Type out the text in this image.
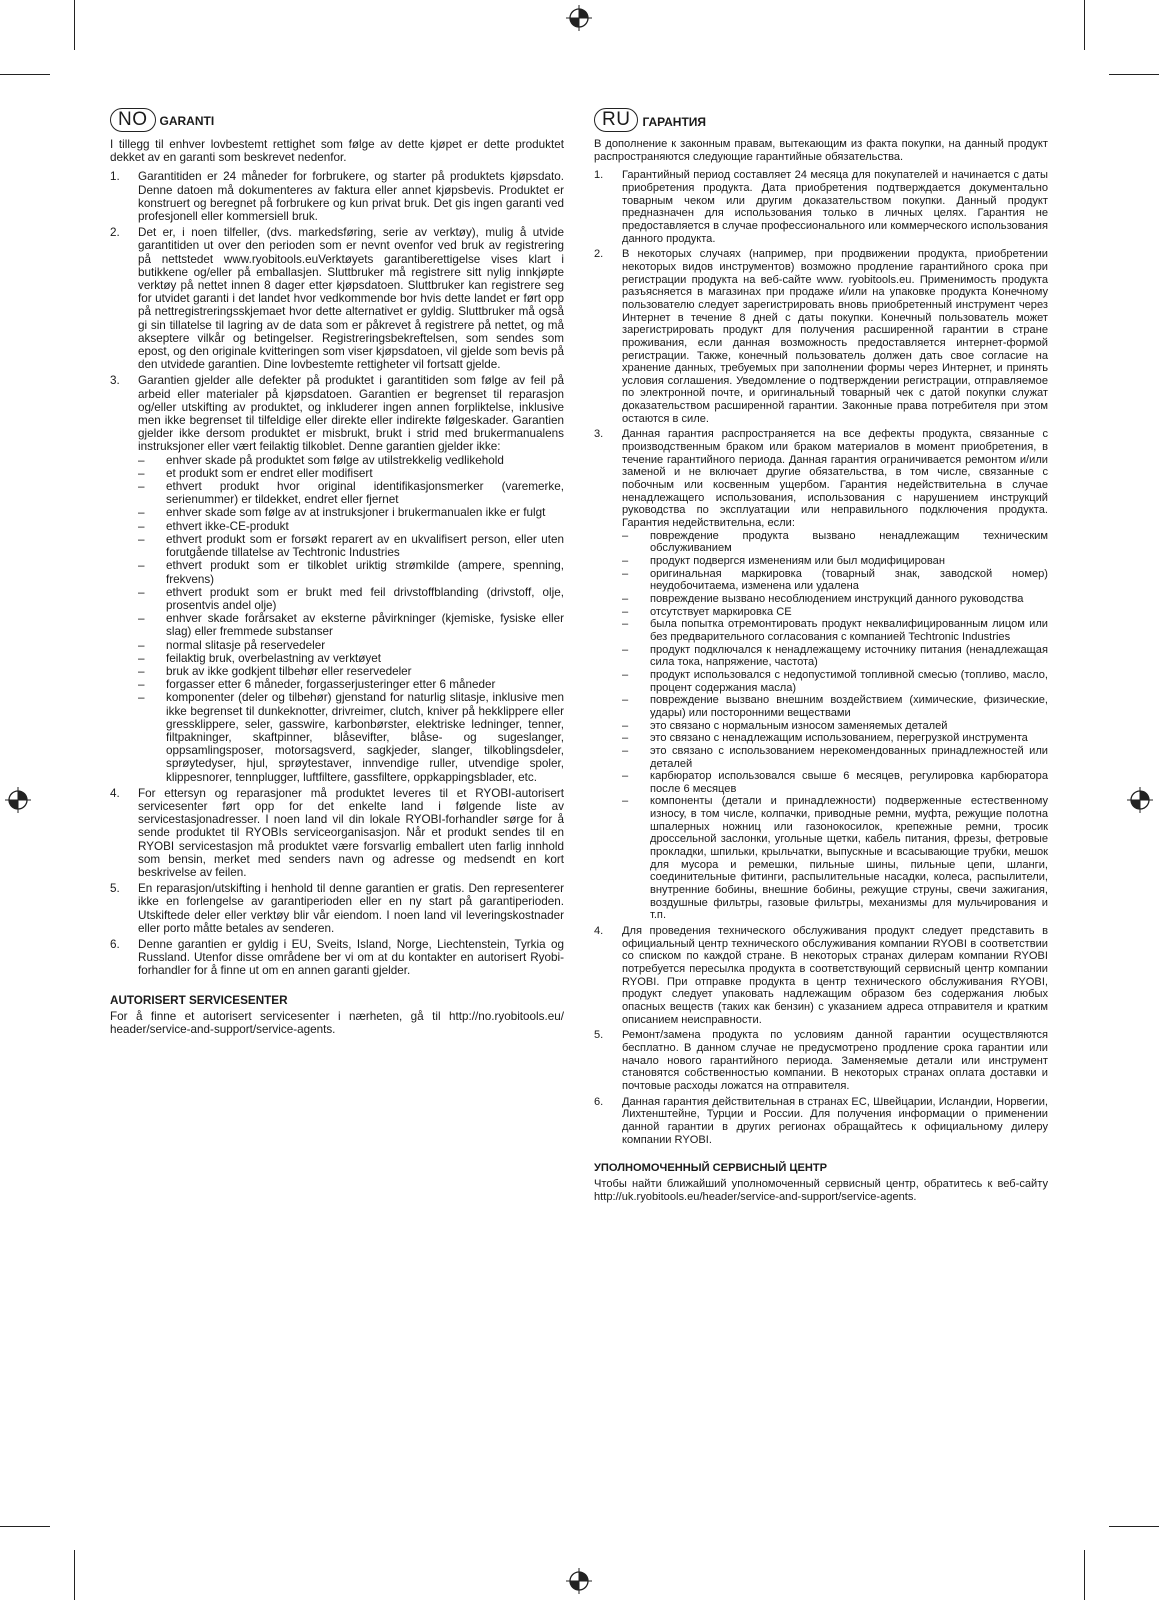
NO	GARANTI

I tillegg til enhver lovbestemt rettighet som følge av dette kjøpet er dette produktet dekket av en garanti som beskrevet nedenfor.

1. Garantitiden er 24 måneder for forbrukere, og starter på produktets kjøpsdato. Denne datoen må dokumenteres av faktura eller annet kjøpsbevis. Produktet er konstruert og beregnet på forbrukere og kun privat bruk. Det gis ingen garanti ved profesjonell eller kommersiell bruk.
2. Det er, i noen tilfeller, (dvs. markedsføring, serie av verktøy), mulig å utvide garantitiden ut over den perioden som er nevnt ovenfor ved bruk av registrering på nettstedet www.ryobitools.euVerktøyets garantiberettigelse vises klart i butikkene og/eller på emballasjen. Sluttbruker må registrere sitt nylig innkjøpte verktøy på nettet innen 8 dager etter kjøpsdatoen. Sluttbruker kan registrere seg for utvidet garanti i det landet hvor vedkommende bor hvis dette landet er ført opp på nettregistreringsskjemaet hvor dette alternativet er gyldig. Sluttbruker må også gi sin tillatelse til lagring av de data som er påkrevet å registrere på nettet, og må akseptere vilkår og betingelser. Registreringsbekreftelsen, som sendes som epost, og den originale kvitteringen som viser kjøpsdatoen, vil gjelde som bevis på den utvidede garantien. Dine lovbestemte rettigheter vil fortsatt gjelde.
3. Garantien gjelder alle defekter på produktet i garantitiden som følge av feil på arbeid eller materialer på kjøpsdatoen. Garantien er begrenset til reparasjon og/eller utskifting av produktet, og inkluderer ingen annen forpliktelse, inklusive men ikke begrenset til tilfeldige eller direkte eller indirekte følgeskader. Garantien gjelder ikke dersom produktet er misbrukt, brukt i strid med brukermanualens instruksjoner eller vært feilaktig tilkoblet. Denne garantien gjelder ikke:
– enhver skade på produktet som følge av utilstrekkelig vedlikehold
– et produkt som er endret eller modifisert
– ethvert produkt hvor original identifikasjonsmerker (varemerke, serienummer) er tildekket, endret eller fjernet
– enhver skade som følge av at instruksjoner i brukermanualen ikke er fulgt
– ethvert ikke-CE-produkt
– ethvert produkt som er forsøkt reparert av en ukvalifisert person, eller uten forutgående tillatelse av Techtronic Industries
– ethvert produkt som er tilkoblet uriktig strømkilde (ampere, spenning, frekvens)
– ethvert produkt som er brukt med feil drivstoffblanding (drivstoff, olje, prosentvis andel olje)
– enhver skade forårsaket av eksterne påvirkninger (kjemiske, fysiske eller slag) eller fremmede substanser
– normal slitasje på reservedeler
– feilaktig bruk, overbelastning av verktøyet
– bruk av ikke godkjent tilbehør eller reservedeler
– forgasser etter 6 måneder, forgasserjusteringer etter 6 måneder
– komponenter (deler og tilbehør) gjenstand for naturlig slitasje, inklusive men ikke begrenset til dunkeknotter, drivreimer, clutch, kniver på hekklippere eller gressklippere, seler, gasswire, karbonbørster, elektriske ledninger, tenner, filtpakninger, skaftpinner, blåsevifter, blåse- og sugeslanger, oppsamlingsposer, motorsagsverd, sagkjeder, slanger, tilkoblingsdeler, sprøytedyser, hjul, sprøytestaver, innvendige ruller, utvendige spoler, klippesnorer, tennplugger, luftfiltere, gassfiltere, oppkappingsblader, etc.
4. For ettersyn og reparasjoner må produktet leveres til et RYOBI-autorisert servicesenter ført opp for det enkelte land i følgende liste av servicestasjonadresser. I noen land vil din lokale RYOBI-forhandler sørge for å sende produktet til RYOBIs serviceorganisasjon. Når et produkt sendes til en RYOBI servicestasjon må produktet være forsvarlig emballert uten farlig innhold som bensin, merket med senders navn og adresse og medsendt en kort beskrivelse av feilen.
5. En reparasjon/utskifting i henhold til denne garantien er gratis. Den representerer ikke en forlengelse av garantiperioden eller en ny start på garantiperioden. Utskiftede deler eller verktøy blir vår eiendom. I noen land vil leveringskostnader eller porto måtte betales av senderen.
6. Denne garantien er gyldig i EU, Sveits, Island, Norge, Liechtenstein, Tyrkia og Russland. Utenfor disse områdene ber vi om at du kontakter en autorisert Ryobi-forhandler for å finne ut om en annen garanti gjelder.
AUTORISERT SERVICESENTER

For å finne et autorisert servicesenter i nærheten, gå til http://no.ryobitools.eu/ header/service-and-support/service-agents.

RU	ГАРАНТИЯ

В дополнение к законным правам, вытекающим из факта покупки, на данный продукт распространяются следующие гарантийные обязательства.

1. Гарантийный период составляет 24 месяца для покупателей и начинается с даты приобретения продукта. Дата приобретения подтверждается документально товарным чеком или другим доказательством покупки. Данный продукт предназначен для использования только в личных целях. Гарантия не предоставляется в случае профессионального или коммерческого использования данного продукта.
2. В некоторых случаях (например, при продвижении продукта, приобретении некоторых видов инструментов) возможно продление гарантийного срока при регистрации продукта на веб-сайте www. ryobitools.eu. Применимость продукта разъясняется в магазинах при продаже и/или на упаковке продукта Конечному пользователю следует зарегистрировать вновь приобретенный инструмент через Интернет в течение 8 дней с даты покупки. Конечный пользователь может зарегистрировать продукт для получения расширенной гарантии в стране проживания, если данная возможность предоставляется интернет-формой регистрации. Также, конечный пользователь должен дать свое согласие на хранение данных, требуемых при заполнении формы через Интернет, и принять условия соглашения. Уведомление о подтверждении регистрации, отправляемое по электронной почте, и оригинальный товарный чек с датой покупки служат доказательством расширенной гарантии. Законные права потребителя при этом остаются в силе.
3. Данная гарантия распространяется на все дефекты продукта, связанные с производственным браком или браком материалов в момент приобретения, в течение гарантийного периода. Данная гарантия ограничивается ремонтом и/или заменой и не включает другие обязательства, в том числе, связанные с побочным или косвенным ущербом. Гарантия недействительна в случае ненадлежащего использования, использования с нарушением инструкций руководства по эксплуатации или неправильного подключения продукта. Гарантия недействительна, если:
– повреждение продукта вызвано ненадлежащим техническим обслуживанием
– продукт подвергся изменениям или был модифицирован
– оригинальная маркировка (товарный знак, заводской номер) неудобочитаема, изменена или удалена
– повреждение вызвано несоблюдением инструкций данного руководства
– отсутствует маркировка CE
– была попытка отремонтировать продукт неквалифицированным лицом или без предварительного согласования с компанией Techtronic Industries
– продукт подключался к ненадлежащему источнику питания (ненадлежащая сила тока, напряжение, частота)
– продукт использовался с недопустимой топливной смесью (топливо, масло, процент содержания масла)
– повреждение вызвано внешним воздействием (химические, физические, удары) или посторонними веществами
– это связано с нормальным износом заменяемых деталей
– это связано с ненадлежащим использованием, перегрузкой инструмента
– это связано с использованием нерекомендованных принадлежностей или деталей
– карбюратор использовался свыше 6 месяцев, регулировка карбюратора после 6 месяцев
– компоненты (детали и принадлежности) подверженные естественному износу, в том числе, колпачки, приводные ремни, муфта, режущие полотна шпалерных ножниц или газонокосилок, крепежные ремни, тросик дроссельной заслонки, угольные щетки, кабель питания, фрезы, фетровые прокладки, шпильки, крыльчатки, выпускные и всасывающие трубки, мешок для мусора и ремешки, пильные шины, пильные цепи, шланги, соединительные фитинги, распылительные насадки, колеса, распылители, внутренние бобины, внешние бобины, режущие струны, свечи зажигания, воздушные фильтры, газовые фильтры, механизмы для мульчирования и т.п.
4. Для проведения технического обслуживания продукт следует представить в официальный центр технического обслуживания компании RYOBI в соответствии со списком по каждой стране. В некоторых странах дилерам компании RYOBI потребуется пересылка продукта в соответствующий сервисный центр компании RYOBI. При отправке продукта в центр технического обслуживания RYOBI, продукт следует упаковать надлежащим образом без содержания любых опасных веществ (таких как бензин) с указанием адреса отправителя и кратким описанием неисправности.
5. Ремонт/замена продукта по условиям данной гарантии осуществляются бесплатно. В данном случае не предусмотрено продление срока гарантии или начало нового гарантийного периода. Заменяемые детали или инструмент становятся собственностью компании. В некоторых странах оплата доставки и почтовые расходы ложатся на отправителя.
6. Данная гарантия действительная в странах ЕС, Швейцарии, Исландии, Норвегии, Лихтенштейне, Турции и России. Для получения информации о применении данной гарантии в других регионах обращайтесь к официальному дилеру компании RYOBI.
УПОЛНОМОЧЕННЫЙ СЕРВИСНЫЙ ЦЕНТР

Чтобы найти ближайший уполномоченный сервисный центр, обратитесь к веб-сайту http://uk.ryobitools.eu/header/service-and-support/service-agents.
